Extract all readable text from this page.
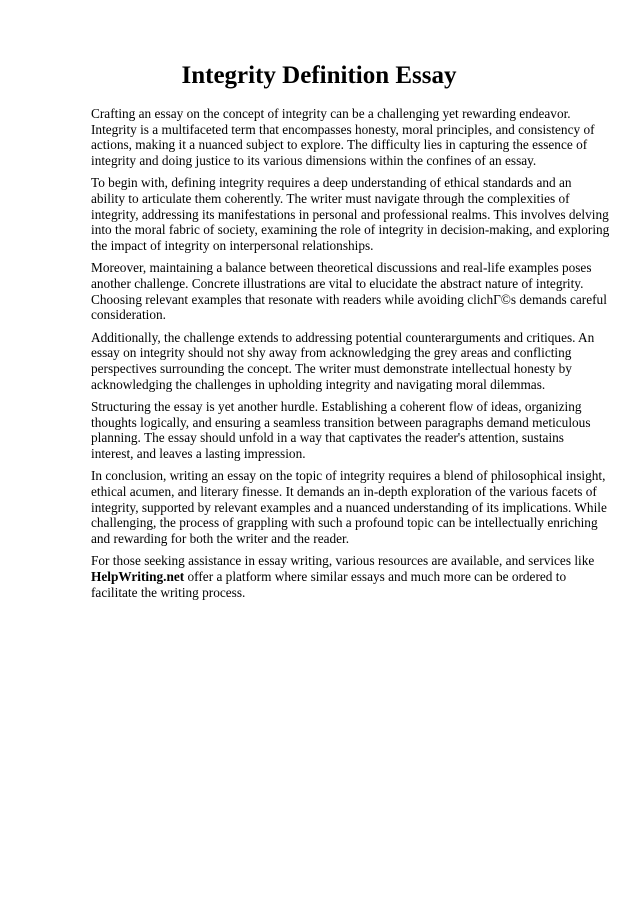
Integrity Definition Essay

Crafting an essay on the concept of integrity can be a challenging yet rewarding endeavor.
Integrity is a multifaceted term that encompasses honesty, moral principles, and consistency of
actions, making it a nuanced subject to explore. The difficulty lies in capturing the essence of
integrity and doing justice to its various dimensions within the confines of an essay.

To begin with, defining integrity requires a deep understanding of ethical standards and an
ability to articulate them coherently. The writer must navigate through the complexities of
integrity, addressing its manifestations in personal and professional realms. This involves delving
into the moral fabric of society, examining the role of integrity in decision-making, and exploring
the impact of integrity on interpersonal relationships.

Moreover, maintaining a balance between theoretical discussions and real-life examples poses
another challenge. Concrete illustrations are vital to elucidate the abstract nature of integrity.
Choosing relevant examples that resonate with readers while avoiding clichГ©s demands careful
consideration.

Additionally, the challenge extends to addressing potential counterarguments and critiques. An
essay on integrity should not shy away from acknowledging the grey areas and conflicting
perspectives surrounding the concept. The writer must demonstrate intellectual honesty by
acknowledging the challenges in upholding integrity and navigating moral dilemmas.

Structuring the essay is yet another hurdle. Establishing a coherent flow of ideas, organizing
thoughts logically, and ensuring a seamless transition between paragraphs demand meticulous
planning. The essay should unfold in a way that captivates the reader's attention, sustains
interest, and leaves a lasting impression.

In conclusion, writing an essay on the topic of integrity requires a blend of philosophical insight,
ethical acumen, and literary finesse. It demands an in-depth exploration of the various facets of
integrity, supported by relevant examples and a nuanced understanding of its implications. While
challenging, the process of grappling with such a profound topic can be intellectually enriching
and rewarding for both the writer and the reader.

For those seeking assistance in essay writing, various resources are available, and services like
HelpWriting.net offer a platform where similar essays and much more can be ordered to
facilitate the writing process.
